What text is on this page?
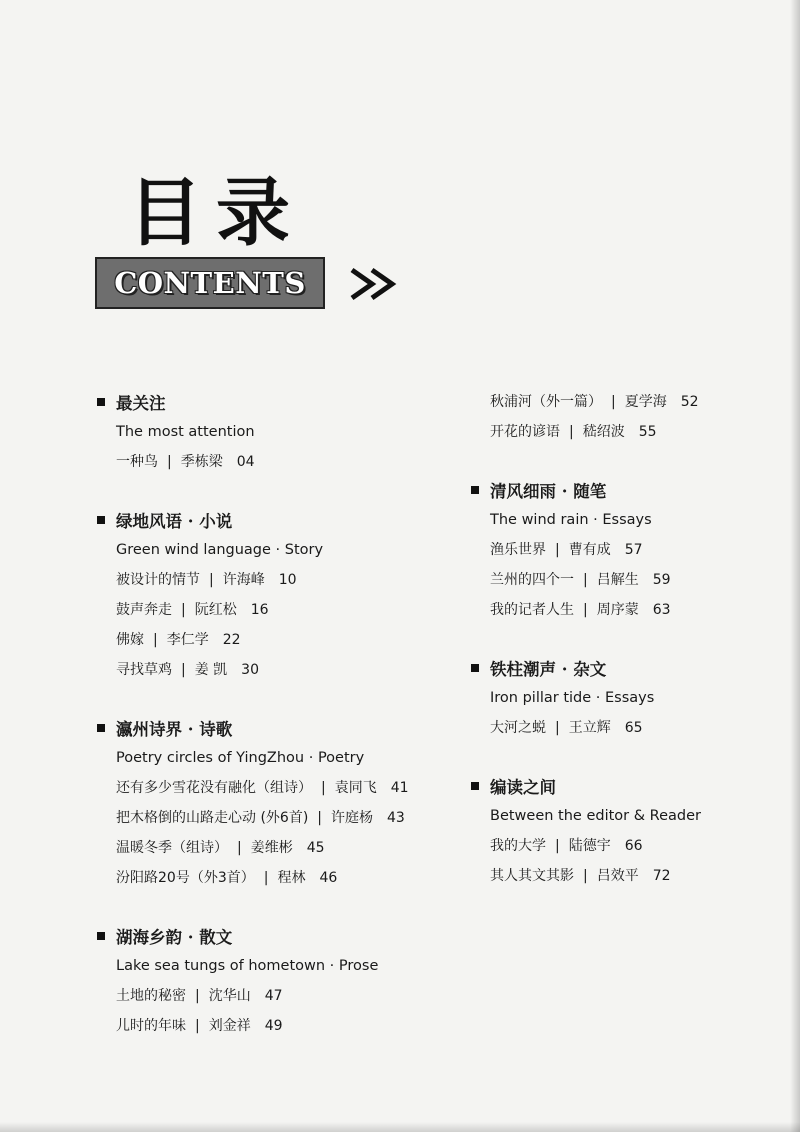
目录
CONTENTS
最关注
The most attention
一种鸟 | 季栋梁 04
绿地风语 · 小说
Green wind language · Story
被设计的情节 | 许海峰 10
鼓声奔走 | 阮红松 16
佛嫁 | 李仁学 22
寻找草鸡 | 姜 凯 30
瀛州诗界 · 诗歌
Poetry circles of YingZhou · Poetry
还有多少雪花没有融化（组诗） | 袁同飞 41
把木格倒的山路走心动 (外6首) | 许庭杨 43
温暖冬季（组诗） | 姜维彬 45
汾阳路20号（外3首） | 程林 46
湖海乡韵 · 散文
Lake sea tungs of hometown · Prose
土地的秘密 | 沈华山 47
儿时的年味 | 刘金祥 49
秋浦河（外一篇） | 夏学海 52
开花的谚语 | 嵇绍波 55
清风细雨 · 随笔
The wind rain · Essays
渔乐世界 | 曹有成 57
兰州的四个一 | 吕解生 59
我的记者人生 | 周序蒙 63
铁柱潮声 · 杂文
Iron pillar tide · Essays
大河之蜕 | 王立辉 65
编读之间
Between the editor & Reader
我的大学 | 陆德宇 66
其人其文其影 | 吕效平 72
